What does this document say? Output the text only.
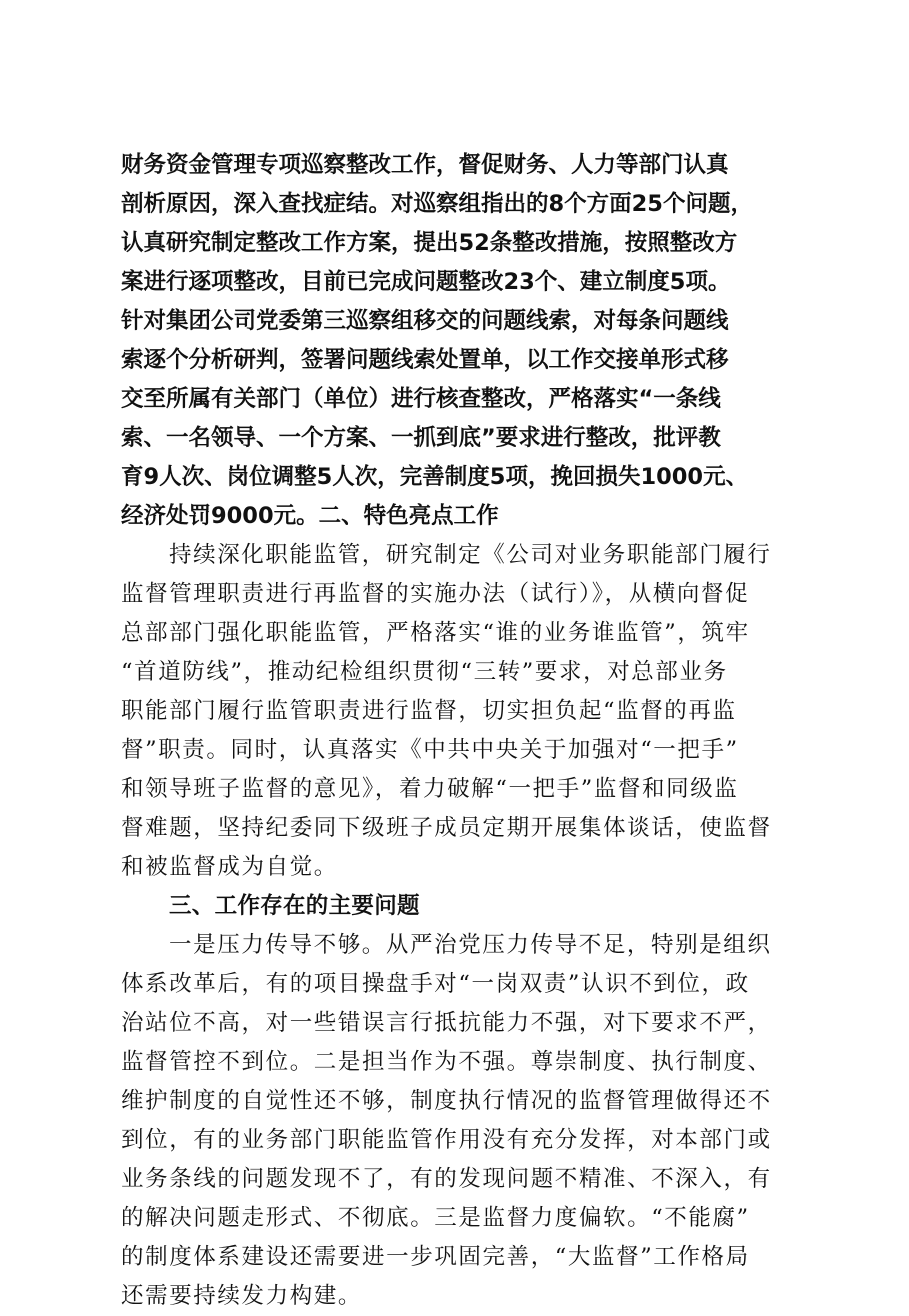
财务资金管理专项巡察整改工作，督促财务、人力等部门认真
剖析原因，深入查找症结。对巡察组指出的8个方面25个问题，
认真研究制定整改工作方案，提出52条整改措施，按照整改方
案进行逐项整改，目前已完成问题整改23个、建立制度5项。
针对集团公司党委第三巡察组移交的问题线索，对每条问题线
索逐个分析研判，签署问题线索处置单，以工作交接单形式移
交至所属有关部门（单位）进行核查整改，严格落实“一条线
索、一名领导、一个方案、一抓到底”要求进行整改，批评教
育9人次、岗位调整5人次，完善制度5项，挽回损失1000元、
经济处罚9000元。二、特色亮点工作
持续深化职能监管，研究制定《公司对业务职能部门履行
监督管理职责进行再监督的实施办法（试行）》，从横向督促
总部部门强化职能监管，严格落实“谁的业务谁监管”，筑牢
“首道防线”，推动纪检组织贯彻“三转”要求，对总部业务
职能部门履行监管职责进行监督，切实担负起“监督的再监
督”职责。同时，认真落实《中共中央关于加强对“一把手”
和领导班子监督的意见》，着力破解“一把手”监督和同级监
督难题，坚持纪委同下级班子成员定期开展集体谈话，使监督
和被监督成为自觉。
三、工作存在的主要问题
一是压力传导不够。从严治党压力传导不足，特别是组织
体系改革后，有的项目操盘手对“一岗双责”认识不到位，政
治站位不高，对一些错误言行抵抗能力不强，对下要求不严，
监督管控不到位。二是担当作为不强。尊崇制度、执行制度、
维护制度的自觉性还不够，制度执行情况的监督管理做得还不
到位，有的业务部门职能监管作用没有充分发挥，对本部门或
业务条线的问题发现不了，有的发现问题不精准、不深入，有
的解决问题走形式、不彻底。三是监督力度偏软。“不能腐”
的制度体系建设还需要进一步巩固完善，“大监督”工作格局
还需要持续发力构建。
